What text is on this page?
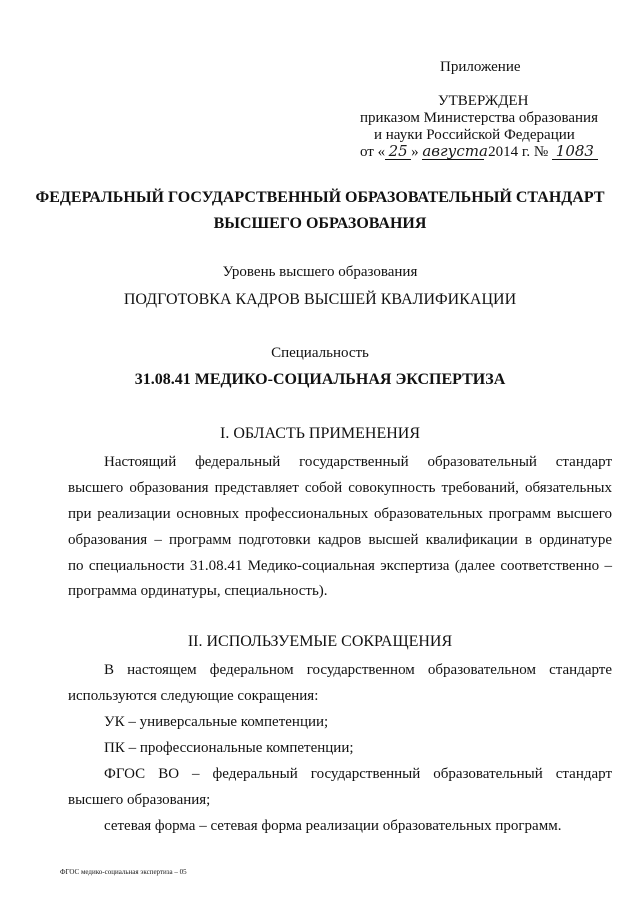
Приложение
УТВЕРЖДЕН
приказом Министерства образования
и науки Российской Федерации
от « 25 » августа 2014 г. № 1083
ФЕДЕРАЛЬНЫЙ ГОСУДАРСТВЕННЫЙ ОБРАЗОВАТЕЛЬНЫЙ СТАНДАРТ
ВЫСШЕГО ОБРАЗОВАНИЯ
Уровень высшего образования
ПОДГОТОВКА КАДРОВ ВЫСШЕЙ КВАЛИФИКАЦИИ
Специальность
31.08.41 МЕДИКО-СОЦИАЛЬНАЯ ЭКСПЕРТИЗА
I. ОБЛАСТЬ ПРИМЕНЕНИЯ
Настоящий федеральный государственный образовательный стандарт
высшего образования представляет собой совокупность требований, обязательных
при реализации основных профессиональных образовательных программ высшего
образования – программ подготовки кадров высшей квалификации в ординатуре
по специальности 31.08.41 Медико-социальная экспертиза (далее соответственно –
программа ординатуры, специальность).
II. ИСПОЛЬЗУЕМЫЕ СОКРАЩЕНИЯ
В настоящем федеральном государственном образовательном стандарте
используются следующие сокращения:
УК – универсальные компетенции;
ПК – профессиональные компетенции;
ФГОС ВО – федеральный государственный образовательный стандарт
высшего образования;
сетевая форма – сетевая форма реализации образовательных программ.
ФГОС медико-социальная экспертиза – 05
